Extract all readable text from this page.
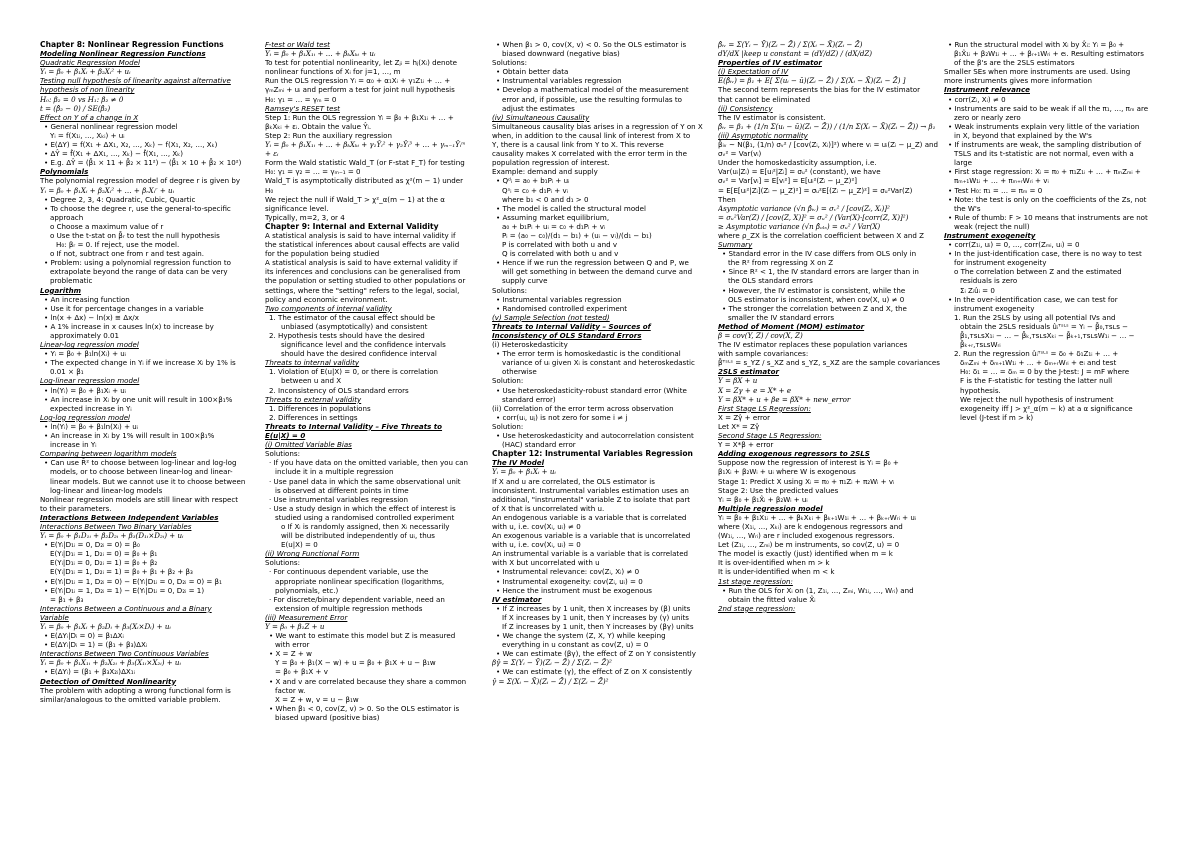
Chapter 8: Nonlinear Regression Functions
Modeling Nonlinear Regression Functions
Quadratic Regression Model
Yᵢ = β₀ + β₁Xᵢ + β₂Xᵢ² + uᵢ
Testing null hypothesis of linearity against alternative
hypothesis of non linearity
H₀: β₂ = 0 vs H₁: β₂ ≠ 0
t = (β̂₂ − 0) / SE(β̂₂)
Effect on Y of a change in X
• General nonlinear regression model
Yᵢ = f(X₁ᵢ, …, Xₖᵢ) + uᵢ
• E(ΔY) = f(X₁ + ΔX₁, X₂, …, Xₖ) − f(X₁, X₂, …, Xₖ)
• ΔŶ = f̂(X₁ + ΔX₁, …, Xₖ) − f̂(X₁, …, Xₖ)
• E.g. ΔŶ = (β̂₁ × 11 + β̂₂ × 11²) − (β̂₁ × 10 + β̂₂ × 10²)
Polynomials
The polynomial regression model of degree r is given by
Yᵢ = β₀ + β₁Xᵢ + β₂Xᵢ² + … + βᵣXᵢʳ + uᵢ
• Degree 2, 3, 4: Quadratic, Cubic, Quartic
• To choose the degree r, use the general-to-specific
approach
o Choose a maximum value of r
o Use the t-stat on β̂ᵣ to test the null hypothesis
H₀: βᵣ = 0. If reject, use the model.
o If not, subtract one from r and test again.
• Problem: using a polynomial regression function to
extrapolate beyond the range of data can be very
problematic
Logarithm
• An increasing function
• Use it for percentage changes in a variable
• ln(x + Δx) − ln(x) ≅ Δx/x
• A 1% increase in x causes ln(x) to increase by
approximately 0.01
Linear-log regression model
• Yᵢ = β₀ + β₁ln(Xᵢ) + uᵢ
• The expected change in Yᵢ if we increase Xᵢ by 1% is
0.01 × β₁
Log-linear regression model
• ln(Yᵢ) = β₀ + β₁Xᵢ + uᵢ
• An increase in Xᵢ by one unit will result in 100×β₁%
expected increase in Yᵢ
Log-log regression model
• ln(Yᵢ) = β₀ + β₁ln(Xᵢ) + uᵢ
• An increase in Xᵢ by 1% will result in 100×β₁%
increase in Yᵢ
Comparing between logarithm models
• Can use R̄² to choose between log-linear and log-log
models, or to choose between linear-log and linear-
linear models. But we cannot use it to choose between
log-linear and linear-log models
Nonlinear regression models are still linear with respect
to their parameters.
Interactions Between Independent Variables
Interactions Between Two Binary Variables
Yᵢ = β₀ + β₁D₁ᵢ + β₂D₂ᵢ + β₃(D₁ᵢ×D₂ᵢ) + uᵢ
• E(Yᵢ|D₁ᵢ = 0, D₂ᵢ = 0) = β₀
E(Yᵢ|D₁ᵢ = 1, D₂ᵢ = 0) = β₀ + β₁
E(Yᵢ|D₁ᵢ = 0, D₂ᵢ = 1) = β₀ + β₂
E(Yᵢ|D₁ᵢ = 1, D₂ᵢ = 1) = β₀ + β₁ + β₂ + β₃
• E(Yᵢ|D₁ᵢ = 1, D₂ᵢ = 0) − E(Yᵢ|D₁ᵢ = 0, D₂ᵢ = 0) = β₁
• E(Yᵢ|D₁ᵢ = 1, D₂ᵢ = 1) − E(Yᵢ|D₁ᵢ = 0, D₂ᵢ = 1)
= β₁ + β₃
Interactions Between a Continuous and a Binary
Variable
Yᵢ = β₀ + β₁Xᵢ + β₂Dᵢ + β₃(Xᵢ×Dᵢ) + uᵢ
• E(ΔYᵢ|Dᵢ = 0) = β₁ΔXᵢ
• E(ΔYᵢ|Dᵢ = 1) = (β₁ + β₃)ΔXᵢ
Interactions Between Two Continuous Variables
Yᵢ = β₀ + β₁X₁ᵢ + β₂X₂ᵢ + β₃(X₁ᵢ×X₂ᵢ) + uᵢ
• E(ΔYᵢ) = (β₁ + β₃X₂ᵢ)ΔX₁ᵢ
Detection of Omitted Nonlinearity
The problem with adopting a wrong functional form is
similar/analogous to the omitted variable problem.
F-test or Wald test
Yᵢ = β₀ + β₁X₁ᵢ + … + βₖXₖᵢ + uᵢ
To test for potential nonlinearity, let Zⱼᵢ = hⱼ(Xᵢ) denote
nonlinear functions of Xᵢ for j=1, …, m
Run the OLS regression Yᵢ = α₀ + α₁Xᵢ + γ₁Z₁ᵢ + … +
γₘZₘᵢ + uᵢ and perform a test for joint null hypothesis
H₀: γ₁ = … = γₘ = 0
Ramsey's RESET test
Step 1: Run the OLS regression Yᵢ = β₀ + β₁X₁ᵢ + … +
βₖXₖᵢ + εᵢ. Obtain the value Ŷᵢ.
Step 2: Run the auxiliary regression
Yᵢ = β₀ + β₁X₁ᵢ + … + βₖXₖᵢ + γ₁Ŷᵢ² + γ₂Ŷᵢ³ + … + γₘ₋₁Ŷᵢᵐ
+ εᵢ
Form the Wald statistic Wald_T (or F-stat F_T) for testing
H₀: γ₁ = γ₂ = … = γₘ₋₁ = 0
Wald_T is asymptotically distributed as χ²(m − 1) under
H₀
We reject the null if Wald_T > χ²_α(m − 1) at the α
significance level.
Typically, m=2, 3, or 4
Chapter 9: Internal and External Validity
A statistical analysis is said to have internal validity if
the statistical inferences about causal effects are valid
for the population being studied
A statistical analysis is said to have external validity if
its inferences and conclusions can be generalised from
the population or setting studied to other populations or
settings, where the "setting" refers to the legal, social,
policy and economic environment.
Two components of internal validity
1. The estimator of the causal effect should be
unbiased (asymptotically) and consistent
2. Hypothesis tests should have the desired
significance level and the confidence intervals
should have the desired confidence interval
Threats to internal validity
1. Violation of E(u|X) = 0, or there is correlation
between u and X
2. Inconsistency of OLS standard errors
Threats to external validity
1. Differences in populations
2. Differences in settings
Threats to Internal Validity – Five Threats to
E(u|X) = 0
(i) Omitted Variable Bias
Solutions:
· If you have data on the omitted variable, then you can
include it in a multiple regression
· Use panel data in which the same observational unit
is observed at different points in time
· Use instrumental variables regression
· Use a study design in which the effect of interest is
studied using a randomised controlled experiment
o If Xᵢ is randomly assigned, then Xᵢ necessarily
will be distributed independently of uᵢ, thus
E(u|X) = 0
(ii) Wrong Functional Form
Solutions:
· For continuous dependent variable, use the
appropriate nonlinear specification (logarithms,
polynomials, etc.)
· For discrete/binary dependent variable, need an
extension of multiple regression methods
(iii) Measurement Error
Y = β₀ + β₁Z + u
• We want to estimate this model but Z is measured
with error
• X = Z + w
Y = β₀ + β₁(X − w) + u = β₀ + β₁X + u − β₁w
= β₀ + β₁X + v
• X and v are correlated because they share a common
factor w.
X = Z + w, v = u − β₁w
• When β₁ < 0, cov(Z, v) > 0. So the OLS estimator is
biased upward (positive bias)
• When β₁ > 0, cov(X, v) < 0. So the OLS estimator is
biased downward (negative bias)
Solutions:
• Obtain better data
• Instrumental variables regression
• Develop a mathematical model of the measurement
error and, if possible, use the resulting formulas to
adjust the estimates
(iv) Simultaneous Causality
Simultaneous causality bias arises in a regression of Y on X
when, in addition to the causal link of interest from X to
Y, there is a causal link from Y to X. This reverse
causality makes X correlated with the error term in the
population regression of interest.
Example: demand and supply
• Qᵈᵢ = a₀ + b₁Pᵢ + uᵢ
Qˢᵢ = c₀ + d₁Pᵢ + vᵢ
where b₁ < 0 and d₁ > 0
• The model is called the structural model
• Assuming market equilibrium,
a₀ + b₁Pᵢ + uᵢ = c₀ + d₁Pᵢ + vᵢ
Pᵢ = (a₀ − c₀)/(d₁ − b₁) + (uᵢ − vᵢ)/(d₁ − b₁)
P is correlated with both u and v
Q is correlated with both u and v
• Hence if we run the regression between Q and P, we
will get something in between the demand curve and
supply curve
Solutions:
• Instrumental variables regression
• Randomised controlled experiment
(v) Sample Selection (not tested)
Threats to Internal Validity – Sources of
Inconsistency of OLS Standard Errors
(i) Heteroskedasticity
• The error term is homoskedastic is the conditional
variance of uᵢ given Xᵢ is constant and heteroskedastic
otherwise
Solution:
• Use heteroskedasticity-robust standard error (White
standard error)
(ii) Correlation of the error term across observation
• corr(uᵢ, uⱼ) is not zero for some i ≠ j
Solution:
• Use heteroskedasticity and autocorrelation consistent
(HAC) standard error
Chapter 12: Instrumental Variables Regression
The IV Model
Yᵢ = β₀ + β₁Xᵢ + uᵢ
If X and u are correlated, the OLS estimator is
inconsistent. Instrumental variables estimation uses an
additional, "instrumental" variable Z to isolate that part
of X that is uncorrelated with u.
An endogenous variable is a variable that is correlated
with u, i.e. cov(Xᵢ, uᵢ) ≠ 0
An exogenous variable is a variable that is uncorrelated
with u, i.e. cov(Xᵢ, uᵢ) = 0
An instrumental variable is a variable that is correlated
with X but uncorrelated with u
• Instrumental relevance: cov(Zᵢ, Xᵢ) ≠ 0
• Instrumental exogeneity: cov(Zᵢ, uᵢ) = 0
• Hence the instrument must be exogenous
IV estimator
• If Z increases by 1 unit, then X increases by (β) units
If X increases by 1 unit, then Y increases by (γ) units
If Z increases by 1 unit, then Y increases by (βγ) units
• We change the system (Z, X, Y) while keeping
everything in u constant as cov(Z, u) = 0
• We can estimate (βγ), the effect of Z on Y consistently
βγ̂ = Σ(Yᵢ − Ȳ)(Zᵢ − Z̄) / Σ(Zᵢ − Z̄)²
• We can estimate (γ), the effect of Z on X consistently
γ̂ = Σ(Xᵢ − X̄)(Zᵢ − Z̄) / Σ(Zᵢ − Z̄)²
β̂ᵢᵥ = Σ(Yᵢ − Ȳ)(Zᵢ − Z̄) / Σ(Xᵢ − X̄)(Zᵢ − Z̄)
dY/dX |keep u constant = (dY/dZ) / (dX/dZ)
Properties of IV estimator
(i) Expectation of IV
E(β̂ᵢᵥ) = β₁ + E[ Σ(uᵢ − ū)(Zᵢ − Z̄) / Σ(Xᵢ − X̄)(Zᵢ − Z̄) ]
The second term represents the bias for the IV estimator
that cannot be eliminated
(ii) Consistency
The IV estimator is consistent.
β̂ᵢᵥ = β₁ + (1/n Σ(uᵢ − ū)(Zᵢ − Z̄)) / (1/n Σ(Xᵢ − X̄)(Zᵢ − Z̄)) → β₁
(iii) Asymptotic normality
β̂ᵢᵥ ~ N(β₁, (1/n) σᵥ² / [cov(Zᵢ, Xᵢ)]²) where vᵢ = uᵢ(Zᵢ − μ_Z) and
σᵥ² = Var(vᵢ)
Under the homoskedasticity assumption, i.e.
Var(uᵢ|Zᵢ) = E[uᵢ²|Zᵢ] = σᵤ² (constant), we have
σᵥ² = Var[vᵢ] = E[vᵢ²] = E[uᵢ²(Zᵢ − μ_Z)²]
= E[E[uᵢ²|Zᵢ](Zᵢ − μ_Z)²] = σᵤ²E[(Zᵢ − μ_Z)²] = σᵤ²Var(Z)
Then
Asymptotic variance (√n β̂ᵢᵥ) = σᵥ² / [cov(Zᵢ, Xᵢ)]²
= σᵤ²Var(Z) / [cov(Z, X)]² = σᵤ² / (Var(X)·[corr(Z, X)]²)
≥ Asymptotic variance (√n β̂ₒₗₛ) = σᵤ² / Var(X)
where ρ_ZX is the correlation coefficient between X and Z
Summary
• Standard error in the IV case differs from OLS only in
the R² from regressing X on Z
• Since R² < 1, the IV standard errors are larger than in
the OLS standard errors
• However, the IV estimator is consistent, while the
OLS estimator is inconsistent, when cov(X, u) ≠ 0
• The stronger the correlation between Z and X, the
smaller the IV standard errors
Method of Moment (MOM) estimator
β = cov(Y, Z) / cov(X, Z)
The IV estimator replaces these population variances
with sample covariances:
β̂ᵀˢᴸˢ = s_YZ / s_XZ and s_YZ, s_XZ are the sample covariances
2SLS estimator
Y = βX + u
X = Zγ + e = X* + e
Y = βX* + u + βe = βX* + new_error
First Stage LS Regression:
X = Zγ̂ + error
Let X* = Zγ̂
Second Stage LS Regression:
Y = X*β + error
Adding exogenous regressors to 2SLS
Suppose now the regression of interest is Yᵢ = β₀ +
β₁Xᵢ + β₂Wᵢ + uᵢ where W is exogenous
Stage 1: Predict X using Xᵢ = π₀ + π₁Zᵢ + π₂Wᵢ + vᵢ
Stage 2: Use the predicted values
Yᵢ = β₀ + β₁X̂ᵢ + β₂Wᵢ + uᵢ
Multiple regression model
Yᵢ = β₀ + β₁X₁ᵢ + … + βₖXₖᵢ + βₖ₊₁W₁ᵢ + … + βₖ₊ᵣWᵣᵢ + uᵢ
where (X₁ᵢ, …, Xₖᵢ) are k endogenous regressors and
(W₁ᵢ, …, Wᵣᵢ) are r included exogenous regressors.
Let (Z₁ᵢ, …, Zₘᵢ) be m instruments, so cov(Z, u) = 0
The model is exactly (just) identified when m = k
It is over-identified when m > k
It is under-identified when m < k
1st stage regression:
• Run the OLS for Xᵢ on (1, Z₁ᵢ, …, Zₘᵢ, W₁ᵢ, …, Wᵣᵢ) and
obtain the fitted value X̂ᵢ
2nd stage regression:
• Run the structural model with Xᵢ by X̂ᵢ: Yᵢ = β₀ +
β₁X̂₁ᵢ + β₂W₁ᵢ + … + βᵣ₊₁Wᵣᵢ + eᵢ. Resulting estimators
of the β's are the 2SLS estimators
Smaller SEs when more instruments are used. Using
more instruments gives more information
Instrument relevance
• corr(Zᵢ, Xᵢ) ≠ 0
• Instruments are said to be weak if all the π₁, …, πₘ are
zero or nearly zero
• Weak instruments explain very little of the variation
in X, beyond that explained by the W's
• If instruments are weak, the sampling distribution of
TSLS and its t-statistic are not normal, even with a
large
• First stage regression: Xᵢ = π₀ + π₁Z₁ᵢ + … + πₘZₘᵢ +
πₘ₊₁W₁ᵢ + … + πₘ₊ᵣWᵣᵢ + vᵢ
• Test H₀: π₁ = … = πₘ = 0
• Note: the test is only on the coefficients of the Zs, not
the W's
• Rule of thumb: F > 10 means that instruments are not
weak (reject the null)
Instrument exogeneity
• corr(Z₁ᵢ, uᵢ) = 0, …, corr(Zₘᵢ, uᵢ) = 0
• In the just-identification case, there is no way to test
for instrument exogeneity
o The correlation between Z and the estimated
residuals is zero
Σᵢ Zᵢûᵢ = 0
• In the over-identification case, we can test for
instrument exogeneity
1. Run the 2SLS by using all potential IVs and
obtain the 2SLS residuals ûᵢᵀˢᴸˢ = Yᵢ − β̂₀,ᴛsʟs −
β̂₁,ᴛsʟsX₁ᵢ − … − β̂ₖ,ᴛsʟsXₖᵢ − β̂ₖ₊₁,ᴛsʟsW₁ᵢ − … −
β̂ₖ₊ᵣ,ᴛsʟsWᵣᵢ
2. Run the regression ûᵢᵀˢᴸˢ = δ₀ + δ₁Z₁ᵢ + … +
δₘZₘᵢ + δₘ₊₁W₁ᵢ + … + δₘ₊ᵣWᵣᵢ + eᵢ and test
H₀: δ₁ = … = δₘ = 0 by the J-test: J = mF where
F is the F-statistic for testing the latter null
hypothesis.
We reject the null hypothesis of instrument
exogeneity iff J > χ²_α(m − k) at a α significance
level (J-test if m > k)
